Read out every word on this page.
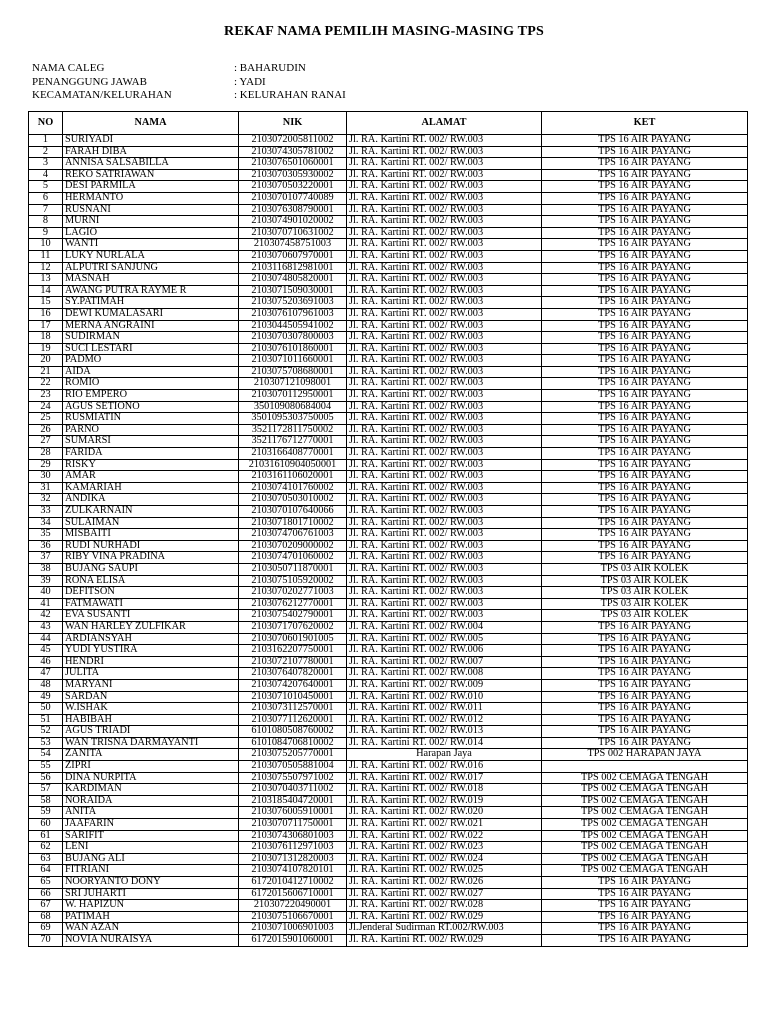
REKAF NAMA PEMILIH MASING-MASING TPS
NAMA CALEG	: BAHARUDIN
PENANGGUNG JAWAB	: YADI
KECAMATAN/KELURAHAN	: KELURAHAN RANAI
NO	NAMA	NIK	ALAMAT	KET
1	SURIYADI	2103072005811002	Jl. RA. Kartini RT. 002/ RW.003	TPS 16 AIR PAYANG
2	FARAH DIBA	2103074305781002	Jl. RA. Kartini RT. 002/ RW.003	TPS 16 AIR PAYANG
3	ANNISA SALSABILLA	2103076501060001	Jl. RA. Kartini RT. 002/ RW.003	TPS 16 AIR PAYANG
4	REKO SATRIAWAN	2103070305930002	Jl. RA. Kartini RT. 002/ RW.003	TPS 16 AIR PAYANG
5	DESI PARMILA	2103070503220001	Jl. RA. Kartini RT. 002/ RW.003	TPS 16 AIR PAYANG
6	HERMANTO	2103070107740089	Jl. RA. Kartini RT. 002/ RW.003	TPS 16 AIR PAYANG
7	RUSNANI	2103076308790001	Jl. RA. Kartini RT. 002/ RW.003	TPS 16 AIR PAYANG
8	MURNI	2103074901020002	Jl. RA. Kartini RT. 002/ RW.003	TPS 16 AIR PAYANG
9	LAGIO	2103070710631002	Jl. RA. Kartini RT. 002/ RW.003	TPS 16 AIR PAYANG
10	WANTI	210307458751003	Jl. RA. Kartini RT. 002/ RW.003	TPS 16 AIR PAYANG
11	LUKY NURLALA	2103070607970001	Jl. RA. Kartini RT. 002/ RW.003	TPS 16 AIR PAYANG
12	ALPUTRI SANJUNG	2103116812981001	Jl. RA. Kartini RT. 002/ RW.003	TPS 16 AIR PAYANG
13	MASNAH	2103074805820001	Jl. RA. Kartini RT. 002/ RW.003	TPS 16 AIR PAYANG
14	AWANG PUTRA RAYME R	2103071509030001	Jl. RA. Kartini RT. 002/ RW.003	TPS 16 AIR PAYANG
15	SY.PATIMAH	2103075203691003	Jl. RA. Kartini RT. 002/ RW.003	TPS 16 AIR PAYANG
16	DEWI KUMALASARI	2103076107961003	Jl. RA. Kartini RT. 002/ RW.003	TPS 16 AIR PAYANG
17	MERNA ANGRAINI	2103044505941002	Jl. RA. Kartini RT. 002/ RW.003	TPS 16 AIR PAYANG
18	SUDIRMAN	2103070307800003	Jl. RA. Kartini RT. 002/ RW.003	TPS 16 AIR PAYANG
19	SUCI LESTARI	2103076101860001	Jl. RA. Kartini RT. 002/ RW.003	TPS 16 AIR PAYANG
20	PADMO	2103071011660001	Jl. RA. Kartini RT. 002/ RW.003	TPS 16 AIR PAYANG
21	AIDA	2103075708680001	Jl. RA. Kartini RT. 002/ RW.003	TPS 16 AIR PAYANG
22	ROMIO	210307121098001	Jl. RA. Kartini RT. 002/ RW.003	TPS 16 AIR PAYANG
23	RIO EMPERO	2103070112950001	Jl. RA. Kartini RT. 002/ RW.003	TPS 16 AIR PAYANG
24	AGUS SETIONO	350109080684004	Jl. RA. Kartini RT. 002/ RW.003	TPS 16 AIR PAYANG
25	RUSMIATIN	3501095303750005	Jl. RA. Kartini RT. 002/ RW.003	TPS 16 AIR PAYANG
26	PARNO	3521172811750002	Jl. RA. Kartini RT. 002/ RW.003	TPS 16 AIR PAYANG
27	SUMARSI	3521176712770001	Jl. RA. Kartini RT. 002/ RW.003	TPS 16 AIR PAYANG
28	FARIDA	2103166408770001	Jl. RA. Kartini RT. 002/ RW.003	TPS 16 AIR PAYANG
29	RISKY	21031610904050001	Jl. RA. Kartini RT. 002/ RW.003	TPS 16 AIR PAYANG
30	AMAR	2103161106020001	Jl. RA. Kartini RT. 002/ RW.003	TPS 16 AIR PAYANG
31	KAMARIAH	2103074101760002	Jl. RA. Kartini RT. 002/ RW.003	TPS 16 AIR PAYANG
32	ANDIKA	2103070503010002	Jl. RA. Kartini RT. 002/ RW.003	TPS 16 AIR PAYANG
33	ZULKARNAIN	2103070107640066	Jl. RA. Kartini RT. 002/ RW.003	TPS 16 AIR PAYANG
34	SULAIMAN	2103071801710002	Jl. RA. Kartini RT. 002/ RW.003	TPS 16 AIR PAYANG
35	MISBAITI	2103074706761003	Jl. RA. Kartini RT. 002/ RW.003	TPS 16 AIR PAYANG
36	RUDI NURHADI	2103070209000002	Jl. RA. Kartini RT. 002/ RW.003	TPS 16 AIR PAYANG
37	RIBY VINA PRADINA	2103074701060002	Jl. RA. Kartini RT. 002/ RW.003	TPS 16 AIR PAYANG
38	BUJANG SAUPI	2103050711870001	Jl. RA. Kartini RT. 002/ RW.003	TPS 03 AIR KOLEK
39	RONA ELISA	2103075105920002	Jl. RA. Kartini RT. 002/ RW.003	TPS 03 AIR KOLEK
40	DEFITSON	2103070202771003	Jl. RA. Kartini RT. 002/ RW.003	TPS 03 AIR KOLEK
41	FATMAWATI	2103076212770001	Jl. RA. Kartini RT. 002/ RW.003	TPS 03 AIR KOLEK
42	EVA SUSANTI	2103075402790001	Jl. RA. Kartini RT. 002/ RW.003	TPS 03 AIR KOLEK
43	WAN HARLEY ZULFIKAR	2103071707620002	Jl. RA. Kartini RT. 002/ RW.004	TPS 16 AIR PAYANG
44	ARDIANSYAH	2103070601901005	Jl. RA. Kartini RT. 002/ RW.005	TPS 16 AIR PAYANG
45	YUDI YUSTIRA	2103162207750001	Jl. RA. Kartini RT. 002/ RW.006	TPS 16 AIR PAYANG
46	HENDRI	2103072107780001	Jl. RA. Kartini RT. 002/ RW.007	TPS 16 AIR PAYANG
47	JULITA	2103076407820001	Jl. RA. Kartini RT. 002/ RW.008	TPS 16 AIR PAYANG
48	MARYANI	2103074207640001	Jl. RA. Kartini RT. 002/ RW.009	TPS 16 AIR PAYANG
49	SARDAN	2103071010450001	Jl. RA. Kartini RT. 002/ RW.010	TPS 16 AIR PAYANG
50	W.ISHAK	2103073112570001	Jl. RA. Kartini RT. 002/ RW.011	TPS 16 AIR PAYANG
51	HABIBAH	2103077112620001	Jl. RA. Kartini RT. 002/ RW.012	TPS 16 AIR PAYANG
52	AGUS TRIADI	6101080508760002	Jl. RA. Kartini RT. 002/ RW.013	TPS 16 AIR PAYANG
53	WAN TRISNA DARMAYANTI	6101084706810002	Jl. RA. Kartini RT. 002/ RW.014	TPS 16 AIR PAYANG
54	ZANITA	2103075205770001	Harapan Jaya	TPS 002 HARAPAN JAYA
55	ZIPRI	2103070505881004	Jl. RA. Kartini RT. 002/ RW.016	
56	DINA NURPITA	2103075507971002	Jl. RA. Kartini RT. 002/ RW.017	TPS 002 CEMAGA TENGAH
57	KARDIMAN	2103070403711002	Jl. RA. Kartini RT. 002/ RW.018	TPS 002 CEMAGA TENGAH
58	NORAIDA	2103185404720001	Jl. RA. Kartini RT. 002/ RW.019	TPS 002 CEMAGA TENGAH
59	ANITA	2103076005910001	Jl. RA. Kartini RT. 002/ RW.020	TPS 002 CEMAGA TENGAH
60	JAAFARIN	2103070711750001	Jl. RA. Kartini RT. 002/ RW.021	TPS 002 CEMAGA TENGAH
61	SARIFIT	2103074306801003	Jl. RA. Kartini RT. 002/ RW.022	TPS 002 CEMAGA TENGAH
62	LENI	2103076112971003	Jl. RA. Kartini RT. 002/ RW.023	TPS 002 CEMAGA TENGAH
63	BUJANG ALI	2103071312820003	Jl. RA. Kartini RT. 002/ RW.024	TPS 002 CEMAGA TENGAH
64	FITRIANI	2103074107820101	Jl. RA. Kartini RT. 002/ RW.025	TPS 002 CEMAGA TENGAH
65	NOORYANTO DONY	6172010412710002	Jl. RA. Kartini RT. 002/ RW.026	TPS 16 AIR PAYANG
66	SRI JUHARTI	6172015606710001	Jl. RA. Kartini RT. 002/ RW.027	TPS 16 AIR PAYANG
67	W. HAPIZUN	210307220490001	Jl. RA. Kartini RT. 002/ RW.028	TPS 16 AIR PAYANG
68	PATIMAH	2103075106670001	Jl. RA. Kartini RT. 002/ RW.029	TPS 16 AIR PAYANG
69	WAN AZAN	2103071006901003	Jl.Jenderal Sudirman RT.002/RW.003	TPS 16 AIR PAYANG
70	NOVIA NURAISYA	6172015901060001	Jl. RA. Kartini RT. 002/ RW.029	TPS 16 AIR PAYANG
